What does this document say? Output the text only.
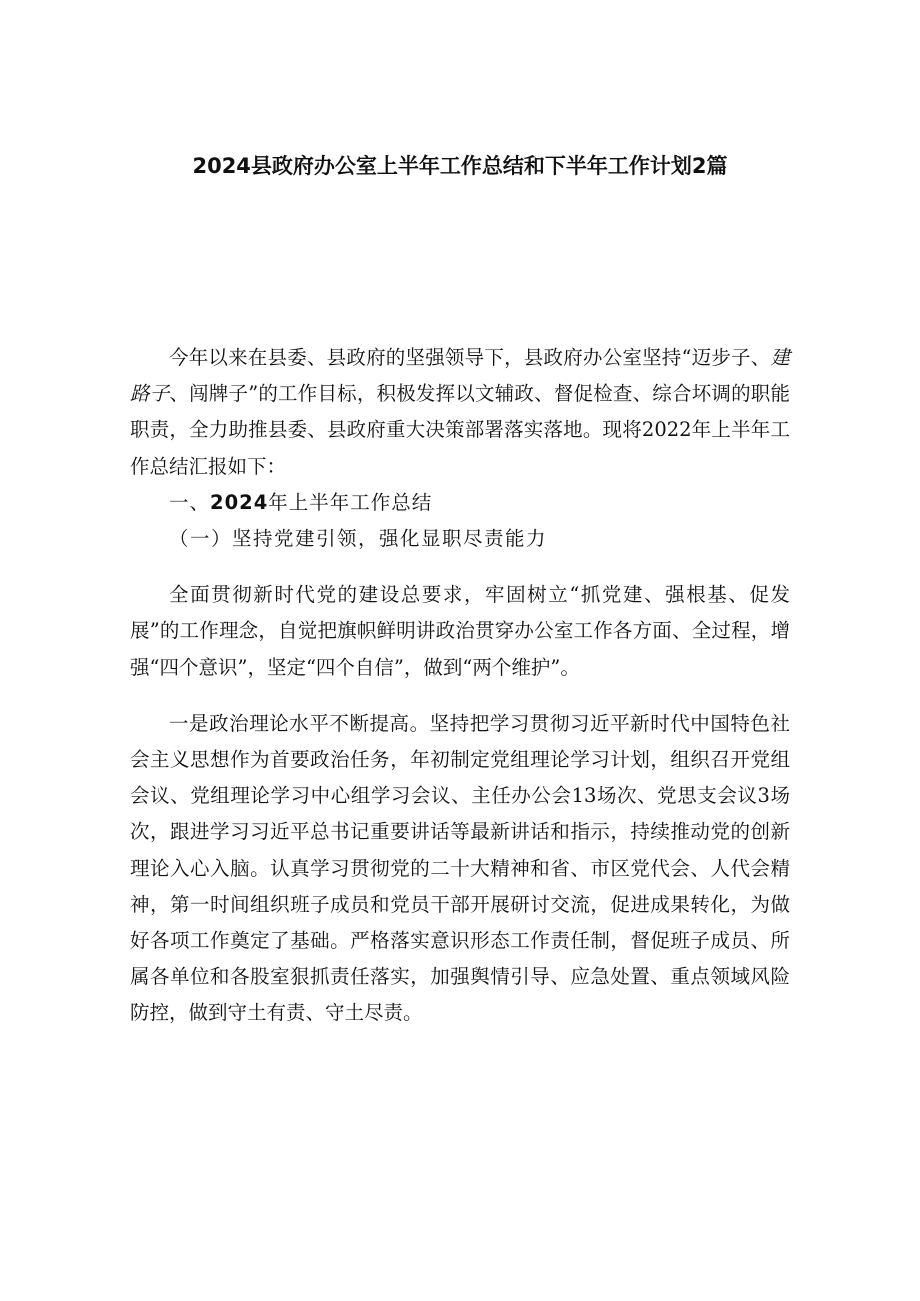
2024县政府办公室上半年工作总结和下半年工作计划2篇

今年以来在县委、县政府的坚强领导下，县政府办公室坚持“迈步子、建路子、闯牌子”的工作目标，积极发挥以文辅政、督促检查、综合坏调的职能职责，全力助推县委、县政府重大决策部署落实落地。现将2022年上半年工作总结汇报如下：

一、2024年上半年工作总结

（一）坚持党建引领，强化显职尽责能力

全面贯彻新时代党的建设总要求，牢固树立“抓党建、强根基、促发展”的工作理念，自觉把旗帜鲜明讲政治贯穿办公室工作各方面、全过程，增强“四个意识”，坚定“四个自信”，做到“两个维护”。

一是政治理论水平不断提高。坚持把学习贯彻习近平新时代中国特色社会主义思想作为首要政治任务，年初制定党组理论学习计划，组织召开党组会议、党组理论学习中心组学习会议、主任办公会13场次、党思支会议3场次，跟进学习习近平总书记重要讲话等最新讲话和指示，持续推动党的创新理论入心入脑。认真学习贯彻党的二十大精神和省、市区党代会、人代会精神，第一时间组织班子成员和党员干部开展研讨交流，促进成果转化，为做好各项工作奠定了基础。严格落实意识形态工作责任制，督促班子成员、所属各单位和各股室狠抓责任落实，加强舆情引导、应急处置、重点领域风险防控，做到守土有责、守土尽责。
